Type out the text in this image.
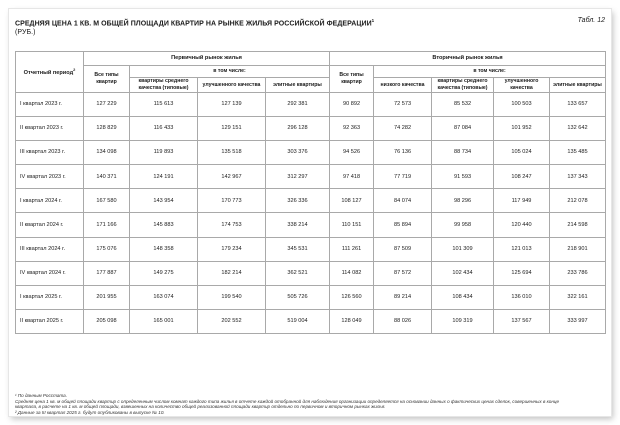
СРЕДНЯЯ ЦЕНА 1 КВ. М ОБЩЕЙ ПЛОЩАДИ КВАРТИР НА РЫНКЕ ЖИЛЬЯ РОССИЙСКОЙ ФЕДЕРАЦИИ$^1$
(РУБ.)
Табл. 12
Отчетный период$^2$	Первичный рынок жилья				Вторичный рынок жилья				
	Все типы квартир	в том числе:			Все типы квартир	в том числе:			
		квартиры среднего качества (типовые)	улучшенного качества	элитные квартиры		низкого качества	квартиры среднего качества (типовые)	улучшенного качества	элитные квартиры
I квартал 2023 г.	127 229	115 613	127 139	292 381	90 892	72 573	85 532	100 503	133 657
II квартал 2023 г.	128 829	116 433	129 151	296 128	92 363	74 282	87 084	101 952	132 642
III квартал 2023 г.	134 098	119 893	135 518	303 376	94 526	76 136	88 734	105 024	135 485
IV квартал 2023 г.	140 371	124 191	142 967	312 297	97 418	77 719	91 593	108 247	137 343
I квартал 2024 г.	167 580	143 954	170 773	326 336	108 127	84 074	98 296	117 949	212 078
II квартал 2024 г.	171 166	145 883	174 753	338 214	110 151	85 894	99 958	120 440	214 598
III квартал 2024 г.	175 076	148 358	179 234	345 531	111 261	87 509	101 309	121 013	218 901
IV квартал 2024 г.	177 887	149 275	182 214	362 521	114 082	87 572	102 434	125 694	233 786
I квартал 2025 г.	201 955	163 074	199 540	505 726	126 560	89 214	108 434	136 010	322 161
II квартал 2025 г.	205 098	165 001	202 552	519 004	128 049	88 026	109 319	137 567	333 997
¹ По данным Росстата.
Средняя цена 1 кв. м общей площади квартир с определенным числом комнат каждого типа жилья в отчете каждой отобранной для наблюдения организации определяется на основании данных о фактических ценах сделок, совершенных в конце
квартала, в расчете на 1 кв. м общей площади, взвешенных на количество общей реализованной площади квартир отдельно по первичном и вторичном рынках жилья.
² Данные за III квартал 2025 г. будут опубликованы в выпуске № 10.
